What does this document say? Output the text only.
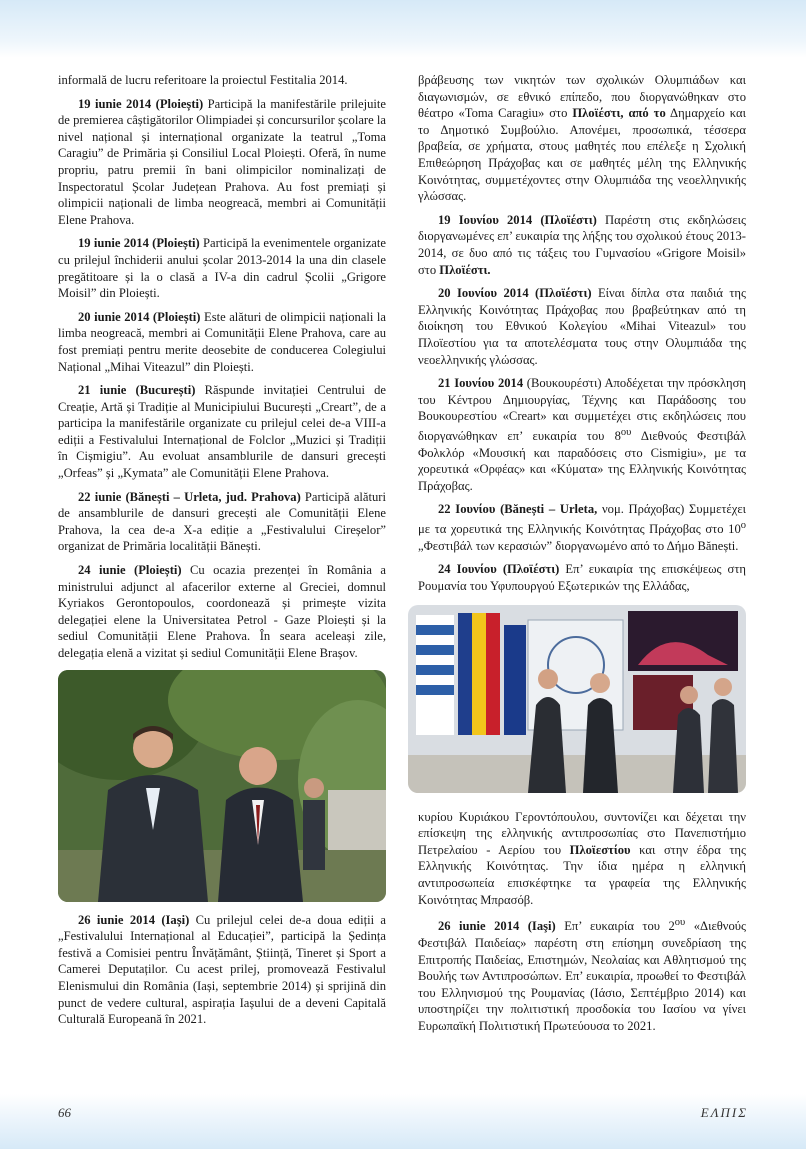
informală de lucru referitoare la proiectul Festitalia 2014.

19 iunie 2014 (Ploiești) Participă la manifestările prilejuite de premierea câștigătorilor Olimpiadei și concursurilor școlare la nivel național și internațional organizate la teatrul „Toma Caragiu” de Primăria și Consiliul Local Ploiești. Oferă, în nume propriu, patru premii în bani olimpicilor nominalizați de Inspectoratul Școlar Județean Prahova. Au fost premiați și olimpicii naționali de limba neogreacă, membri ai Comunității Elene Prahova.

19 iunie 2014 (Ploiești) Participă la evenimentele organizate cu prilejul închiderii anului școlar 2013-2014 la una din clasele pregătitoare și la o clasă a IV-a din cadrul Școlii „Grigore Moisil” din Ploiești.

20 iunie 2014 (Ploiești) Este alături de olimpicii naționali la limba neogreacă, membri ai Comunității Elene Prahova, care au fost premiați pentru merite deosebite de conducerea Colegiului Național „Mihai Viteazul” din Ploiești.

21 iunie (București) Răspunde invitației Centrului de Creație, Artă și Tradiție al Municipiului București „Creart”, de a participa la manifestările organizate cu prilejul celei de-a VIII-a ediții a Festivalului Internațional de Folclor „Muzici și Tradiții în Cișmigiu”. Au evoluat ansamblurile de dansuri grecești „Orfeas” și „Kymata” ale Comunității Elene Prahova.

22 iunie (Bănești – Urleta, jud. Prahova) Participă alături de ansamblurile de dansuri grecești ale Comunității Elene Prahova, la cea de-a X-a ediție a „Festivalului Cireșelor” organizat de Primăria localității Bănești.

24 iunie (Ploiești) Cu ocazia prezenței în România a ministrului adjunct al afacerilor externe al Greciei, domnul Kyriakos Gerontopoulos, coordonează și primește vizita delegației elene la Universitatea Petrol - Gaze Ploiești și la sediul Comunității Elene Prahova. În seara aceleași zile, delegația elenă a vizitat și sediul Comunității Elene Brașov.

26 iunie 2014 (Iași) Cu prilejul celei de-a doua ediții a „Festivalului Internațional al Educației”, participă la Ședința festivă a Comisiei pentru Învățământ, Știință, Tineret și Sport a Camerei Deputaților. Cu acest prilej, promovează Festivalul Elenismului din România (Iași, septembrie 2014) și sprijină din punct de vedere cultural, aspirația Iașului de a deveni Capitală Culturală Europeană în 2021.

βράβευσης των νικητών των σχολικών Ολυμπιάδων και διαγωνισμών, σε εθνικό επίπεδο, που διοργανώθηκαν στο θέατρο «Toma Caragiu» στο Πλοϊέστι, από το Δημαρχείο και το Δημοτικό Συμβούλιο. Απονέμει, προσωπικά, τέσσερα βραβεία, σε χρήματα, στους μαθητές που επέλεξε η Σχολική Επιθεώρηση Πράχοβας και σε μαθητές μέλη της Ελληνικής Κοινότητας, συμμετέχοντες στην Ολυμπιάδα της νεοελληνικής γλώσσας.

19 Ιουνίου 2014 (Πλοϊέστι) Παρέστη στις εκδηλώσεις διοργανωμένες επ’ ευκαιρία της λήξης του σχολικού έτους 2013-2014, σε δυο από τις τάξεις του Γυμνασίου «Grigore Moisil» στο Πλοϊέστι.

20 Ιουνίου 2014 (Πλοϊέστι) Είναι δίπλα στα παιδιά της Ελληνικής Κοινότητας Πράχοβας που βραβεύτηκαν από τη διοίκηση του Εθνικού Κολεγίου «Mihai Viteazul» του Πλοϊεστίου για τα αποτελέσματα τους στην Ολυμπιάδα της νεοελληνικής γλώσσας.

21 Ιουνίου 2014 (Βουκουρέστι) Αποδέχεται την πρόσκληση του Κέντρου Δημιουργίας, Τέχνης και Παράδοσης του Βουκουρεστίου «Creart» και συμμετέχει στις εκδηλώσεις που διοργανώθηκαν επ’ ευκαιρία του $8^{o\upsilon}$ Διεθνούς Φεστιβάλ Φολκλόρ «Μουσική και παραδόσεις στο Cismigiu», με τα χορευτικά «Ορφέας» και «Κύματα» της Ελληνικής Κοινότητας Πράχοβας.

22 Ιουνίου (Bănești – Urleta, νομ. Πράχοβας) Συμμετέχει με τα χορευτικά της Ελληνικής Κοινότητας Πράχοβας στο $10^o$ „Φεστιβάλ των κερασιών” διοργανωμένο από το Δήμο Bănești.

24 Ιουνίου (Πλοϊέστι) Επ’ ευκαιρία της επισκέψεως στη Ρουμανία του Υφυπουργού Εξωτερικών της Ελλάδας,

κυρίου Κυριάκου Γεροντόπουλου, συντονίζει και δέχεται την επίσκεψη της ελληνικής αντιπροσωπίας στο Πανεπιστήμιο Πετρελαίου - Αερίου του Πλοϊεστίου και στην έδρα της Ελληνικής Κοινότητας. Την ίδια ημέρα η ελληνική αντιπροσωπεία επισκέφτηκε τα γραφεία της Ελληνικής Κοινότητας Μπρασόβ.

26 iunie 2014 (Iaşi) Επ’ ευκαιρία του $2^{o\upsilon}$ «Διεθνούς Φεστιβάλ Παιδείας» παρέστη στη επίσημη συνεδρίαση της Επιτροπής Παιδείας, Επιστημών, Νεολαίας και Αθλητισμού της Βουλής των Αντιπροσώπων. Επ’ ευκαιρία, προωθεί το Φεστιβάλ του Ελληνισμού της Ρουμανίας (Ιάσιο, Σεπτέμβριο 2014) και υποστηρίζει την πολιτιστική προσδοκία του Ιασίου να γίνει Ευρωπαϊκή Πολιτιστική Πρωτεύουσα το 2021.

66	ΕΛΠΙΣ
